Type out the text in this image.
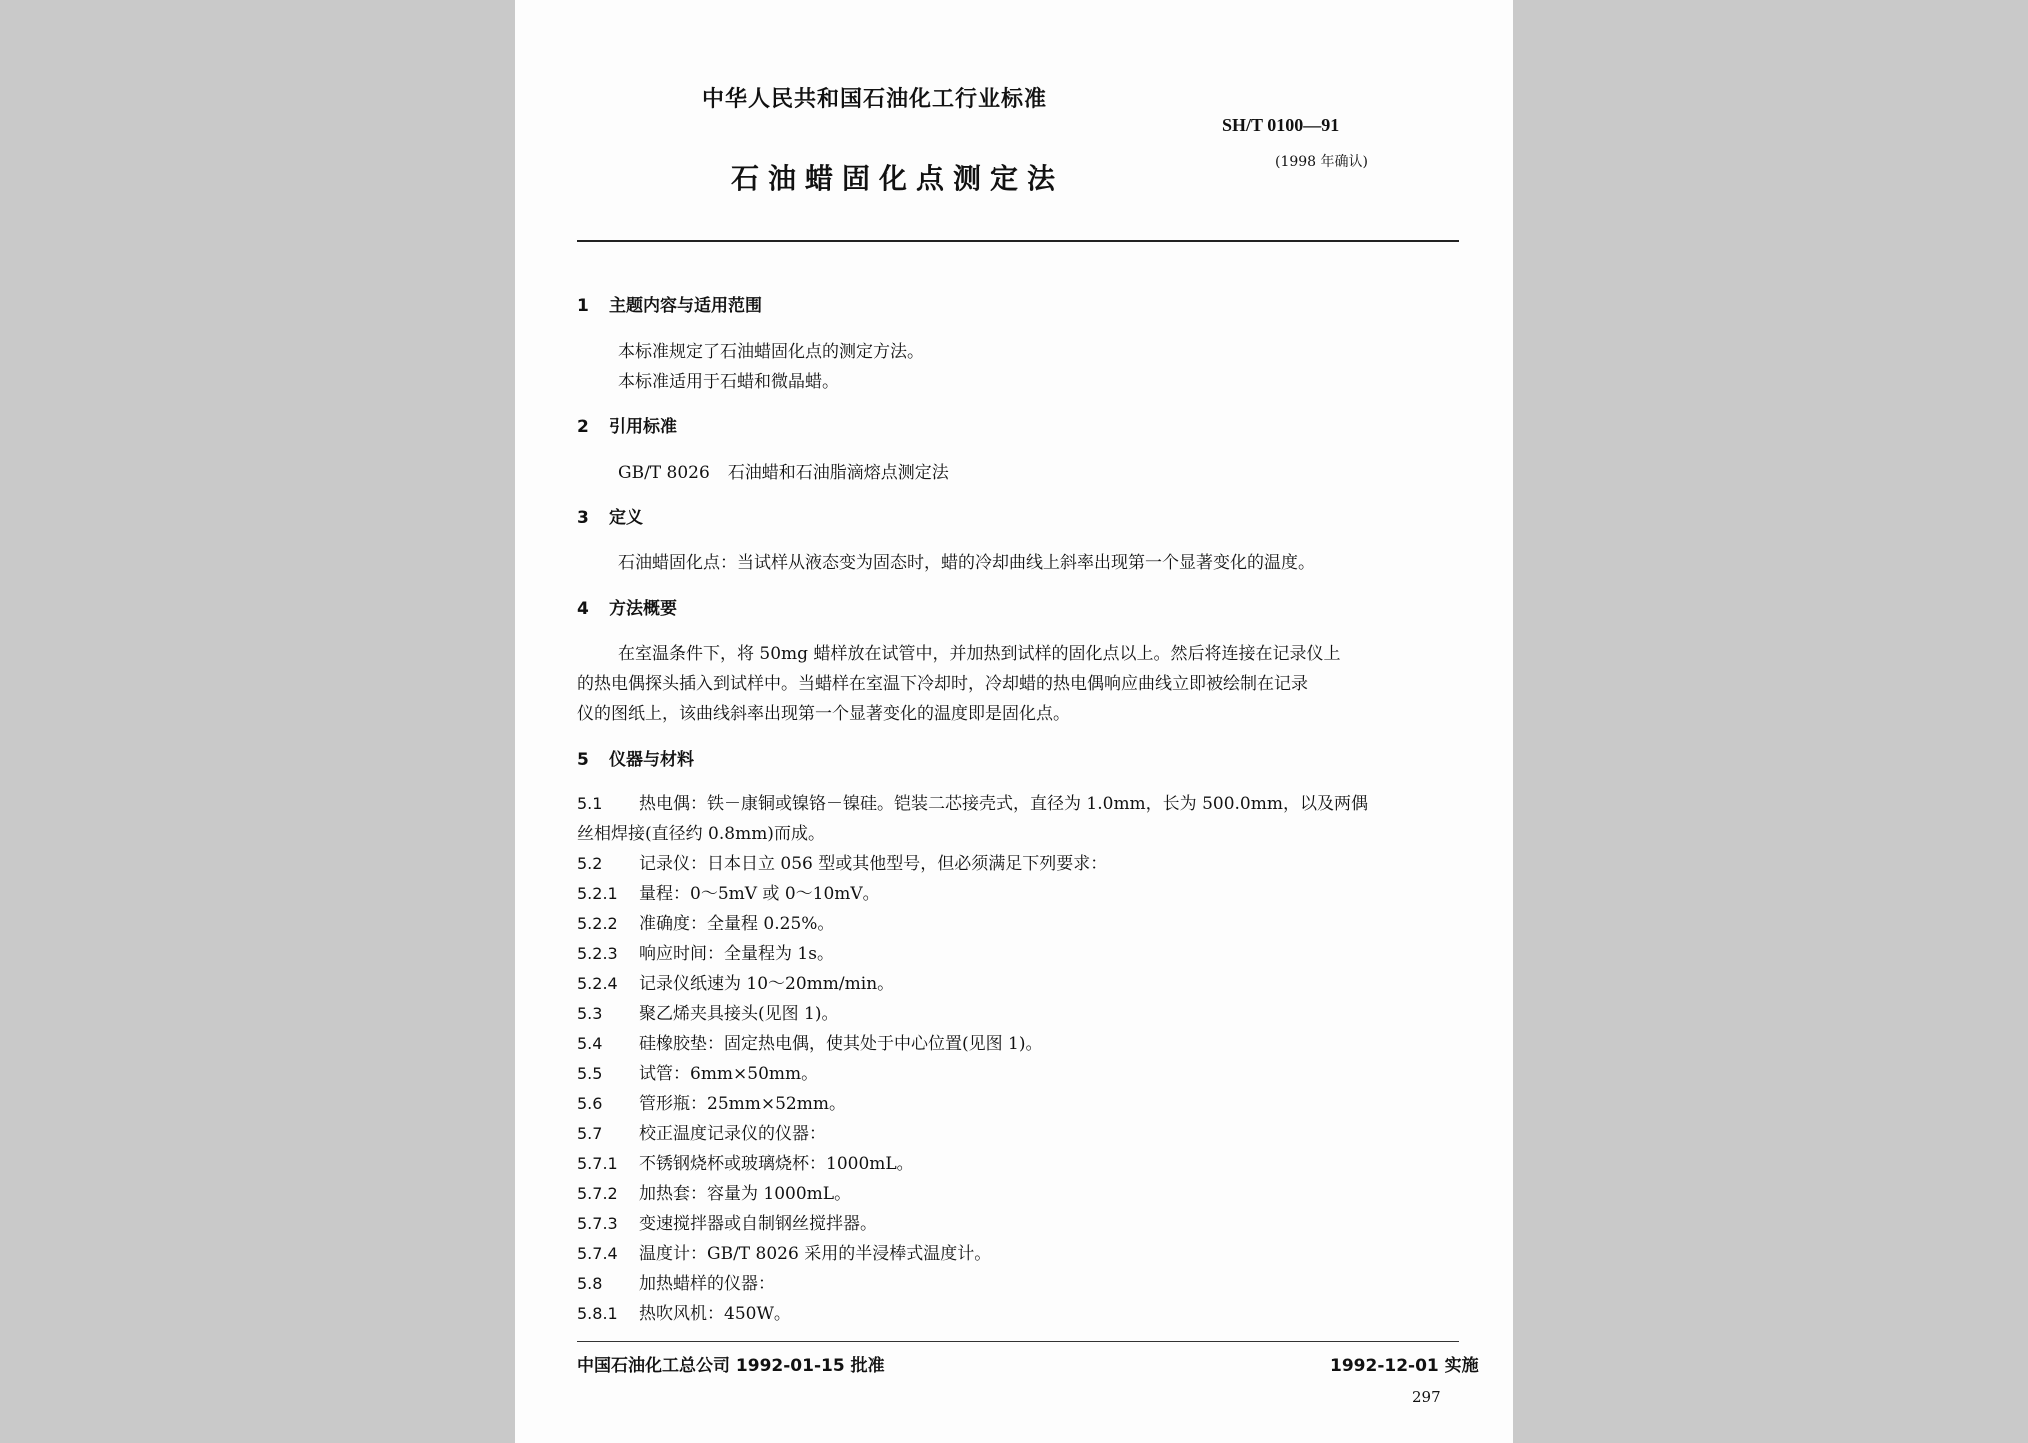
中华人民共和国石油化工行业标准
SH/T 0100—91
(1998 年确认)
石油蜡固化点测定法
1 主题内容与适用范围
本标准规定了石油蜡固化点的测定方法。
本标准适用于石蜡和微晶蜡。
2 引用标准
GB/T 8026 石油蜡和石油脂滴熔点测定法
3 定义
石油蜡固化点：当试样从液态变为固态时，蜡的冷却曲线上斜率出现第一个显著变化的温度。
4 方法概要
在室温条件下，将 50mg 蜡样放在试管中，并加热到试样的固化点以上。然后将连接在记录仪上
的热电偶探头插入到试样中。当蜡样在室温下冷却时，冷却蜡的热电偶响应曲线立即被绘制在记录
仪的图纸上，该曲线斜率出现第一个显著变化的温度即是固化点。
5 仪器与材料
5.1 热电偶：铁－康铜或镍铬－镍硅。铠装二芯接壳式，直径为 1.0mm，长为 500.0mm，以及两偶
丝相焊接(直径约 0.8mm)而成。
5.2 记录仪：日本日立 056 型或其他型号，但必须满足下列要求：
5.2.1 量程：0～5mV 或 0～10mV。
5.2.2 准确度：全量程 0.25%。
5.2.3 响应时间：全量程为 1s。
5.2.4 记录仪纸速为 10～20mm/min。
5.3 聚乙烯夹具接头(见图 1)。
5.4 硅橡胶垫：固定热电偶，使其处于中心位置(见图 1)。
5.5 试管：6mm×50mm。
5.6 管形瓶：25mm×52mm。
5.7 校正温度记录仪的仪器：
5.7.1 不锈钢烧杯或玻璃烧杯：1000mL。
5.7.2 加热套：容量为 1000mL。
5.7.3 变速搅拌器或自制钢丝搅拌器。
5.7.4 温度计：GB/T 8026 采用的半浸棒式温度计。
5.8 加热蜡样的仪器：
5.8.1 热吹风机：450W。
中国石油化工总公司 1992-01-15 批准	1992-12-01 实施
297
